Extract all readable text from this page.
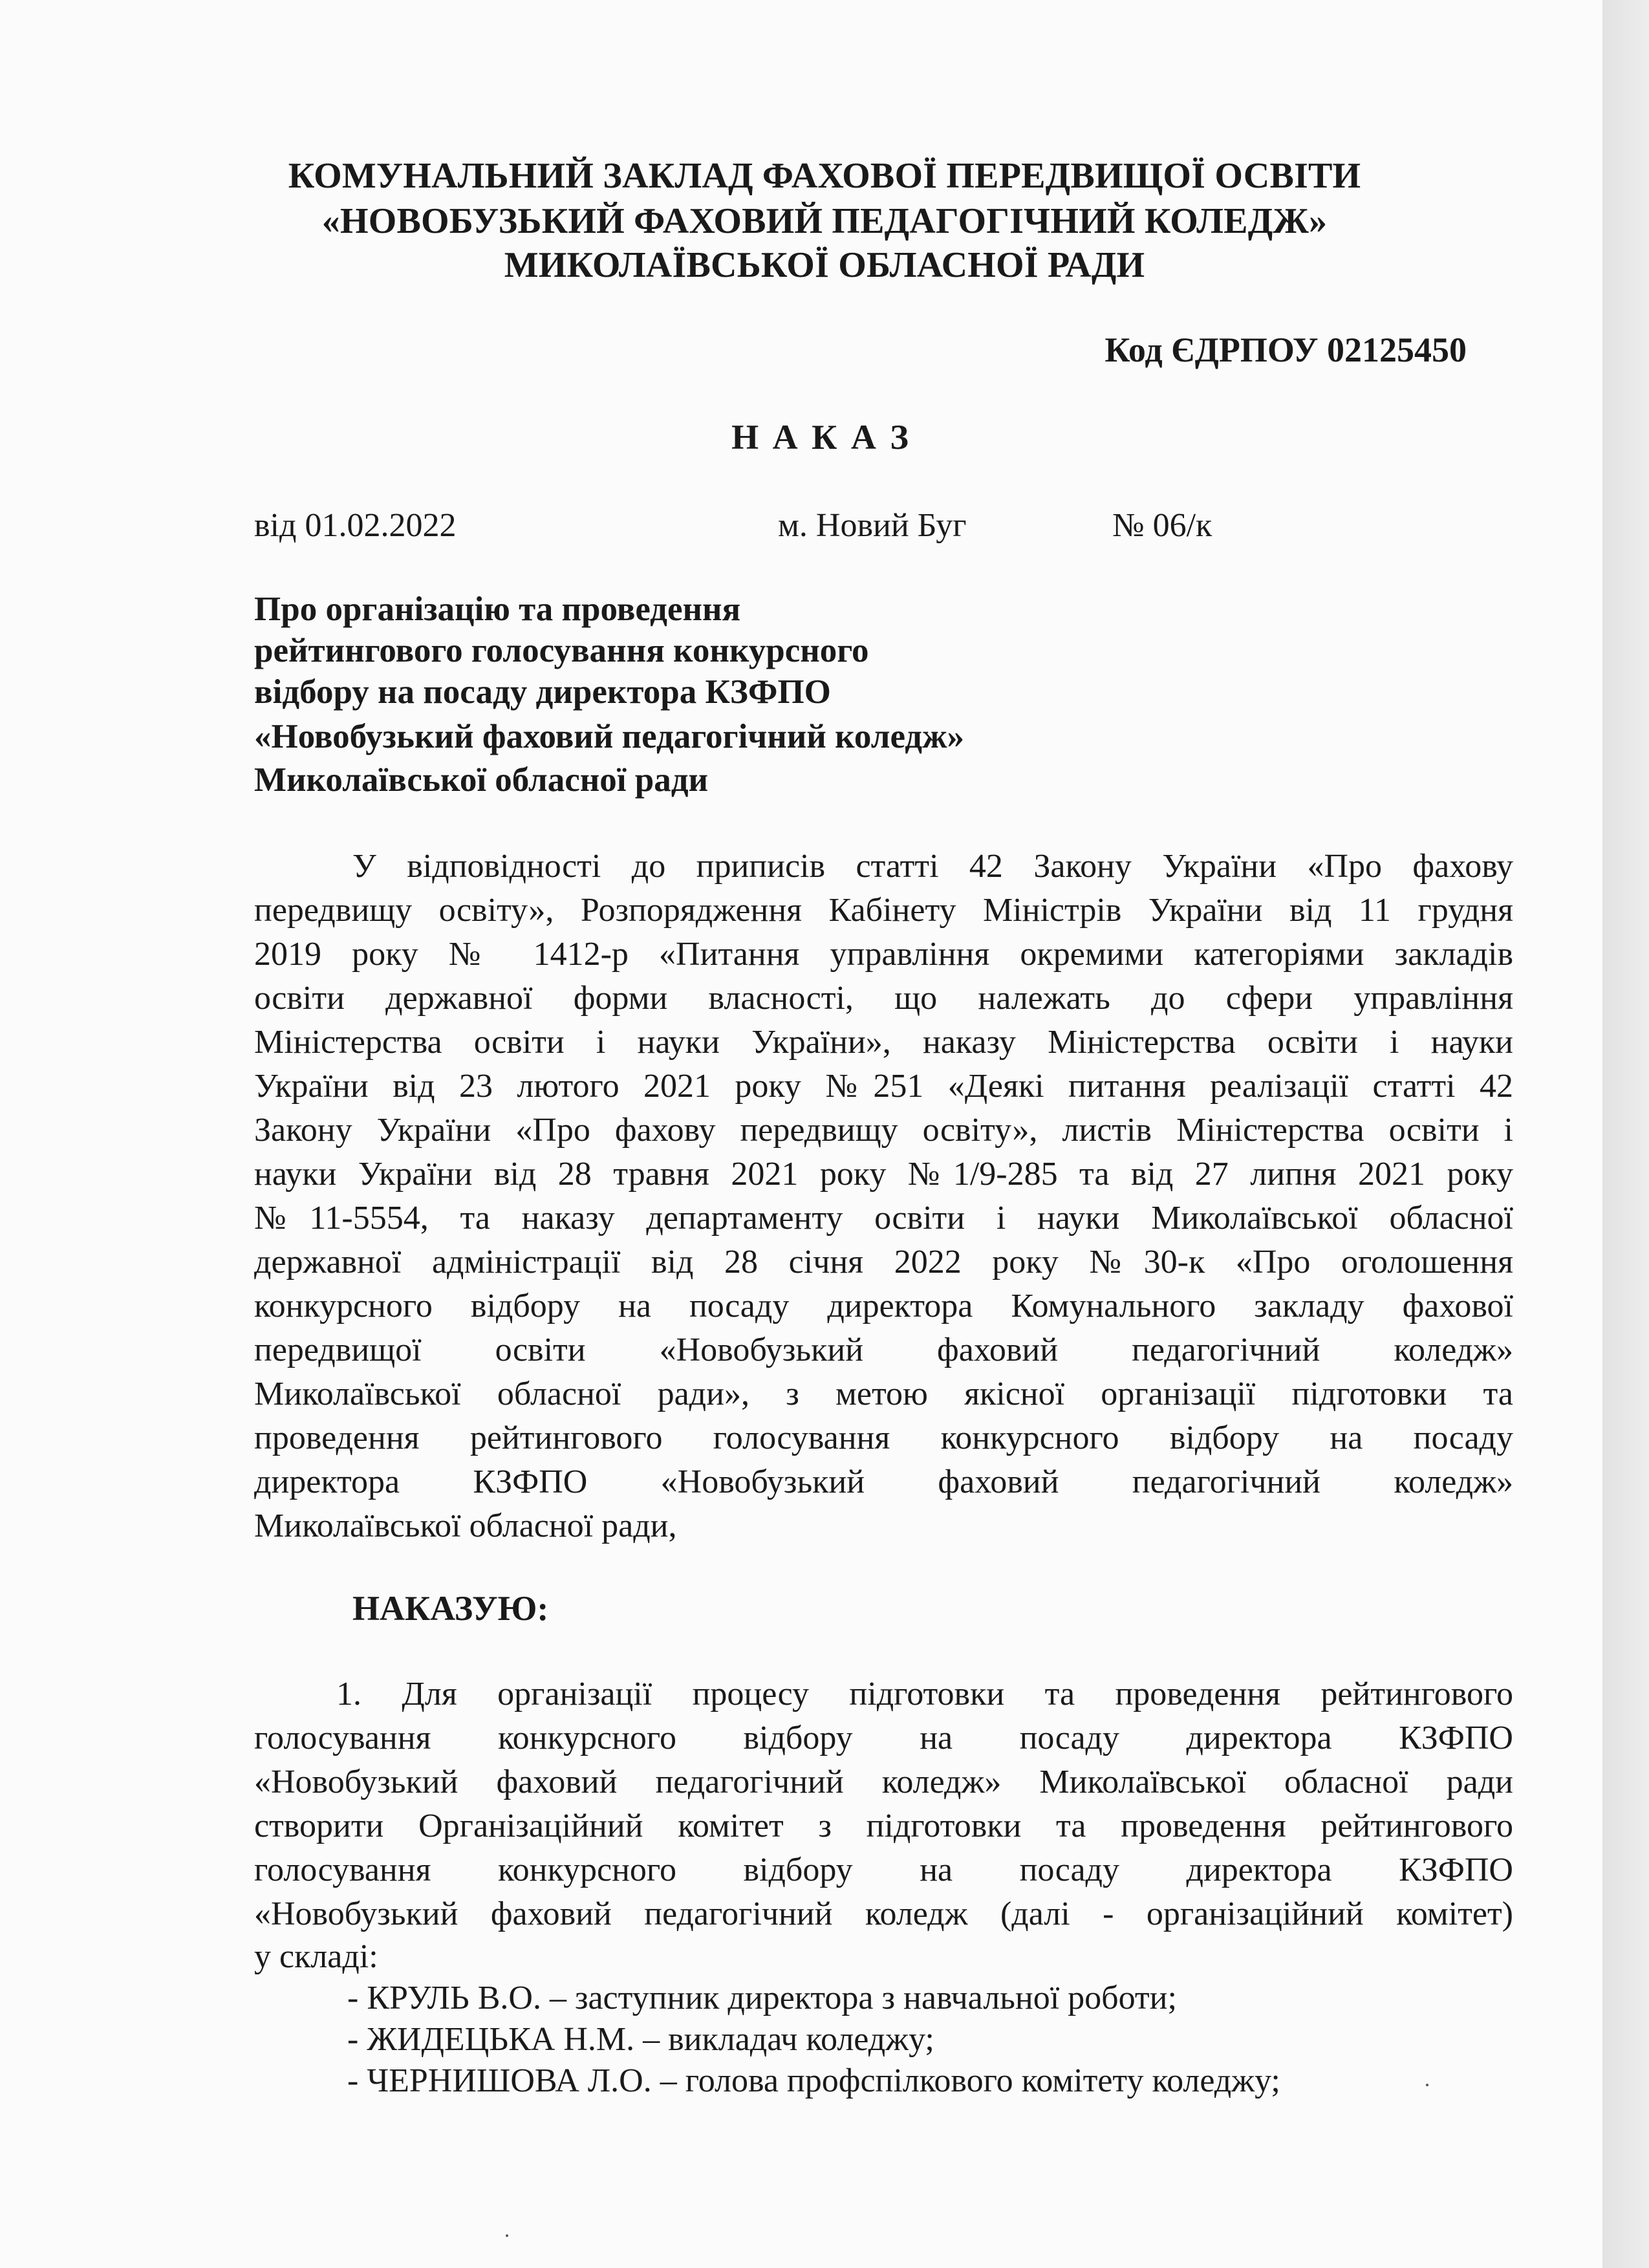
КОМУНАЛЬНИЙ ЗАКЛАД ФАХОВОЇ ПЕРЕДВИЩОЇ ОСВІТИ
«НОВОБУЗЬКИЙ ФАХОВИЙ ПЕДАГОГІЧНИЙ КОЛЕДЖ»
МИКОЛАЇВСЬКОЇ ОБЛАСНОЇ РАДИ
Код ЄДРПОУ 02125450
Н А К А З
від 01.02.2022	м. Новий Буг	№ 06/к
Про організацію та проведення
рейтингового голосування конкурсного
відбору на посаду директора КЗФПО
«Новобузький фаховий педагогічний коледж»
Миколаївської обласної ради
У відповідності до приписів статті 42 Закону України «Про фахову
передвищу освіту», Розпорядження Кабінету Міністрів України від 11 грудня
2019 року № 1412-р «Питання управління окремими категоріями закладів
освіти державної форми власності, що належать до сфери управління
Міністерства освіти і науки України», наказу Міністерства освіти і науки
України від 23 лютого 2021 року №251 «Деякі питання реалізації статті 42
Закону України «Про фахову передвищу освіту», листів Міністерства освіти і
науки України від 28 травня 2021 року №1/9-285 та від 27 липня 2021 року
№11-5554, та наказу департаменту освіти і науки Миколаївської обласної
державної адміністрації від 28 січня 2022 року №30-к «Про оголошення
конкурсного відбору на посаду директора Комунального закладу фахової
передвищої освіти «Новобузький фаховий педагогічний коледж»
Миколаївської обласної ради», з метою якісної організації підготовки та
проведення рейтингового голосування конкурсного відбору на посаду
директора КЗФПО «Новобузький фаховий педагогічний коледж»
Миколаївської обласної ради,
НАКАЗУЮ:
1. Для організації процесу підготовки та проведення рейтингового
голосування конкурсного відбору на посаду директора КЗФПО
«Новобузький фаховий педагогічний коледж» Миколаївської обласної ради
створити Організаційний комітет з підготовки та проведення рейтингового
голосування конкурсного відбору на посаду директора КЗФПО
«Новобузький фаховий педагогічний коледж (далі - організаційний комітет)
у складі:
- КРУЛЬ В.О. – заступник директора з навчальної роботи;
- ЖИДЕЦЬКА Н.М. – викладач коледжу;
- ЧЕРНИШОВА Л.О. – голова профспілкового комітету коледжу;
